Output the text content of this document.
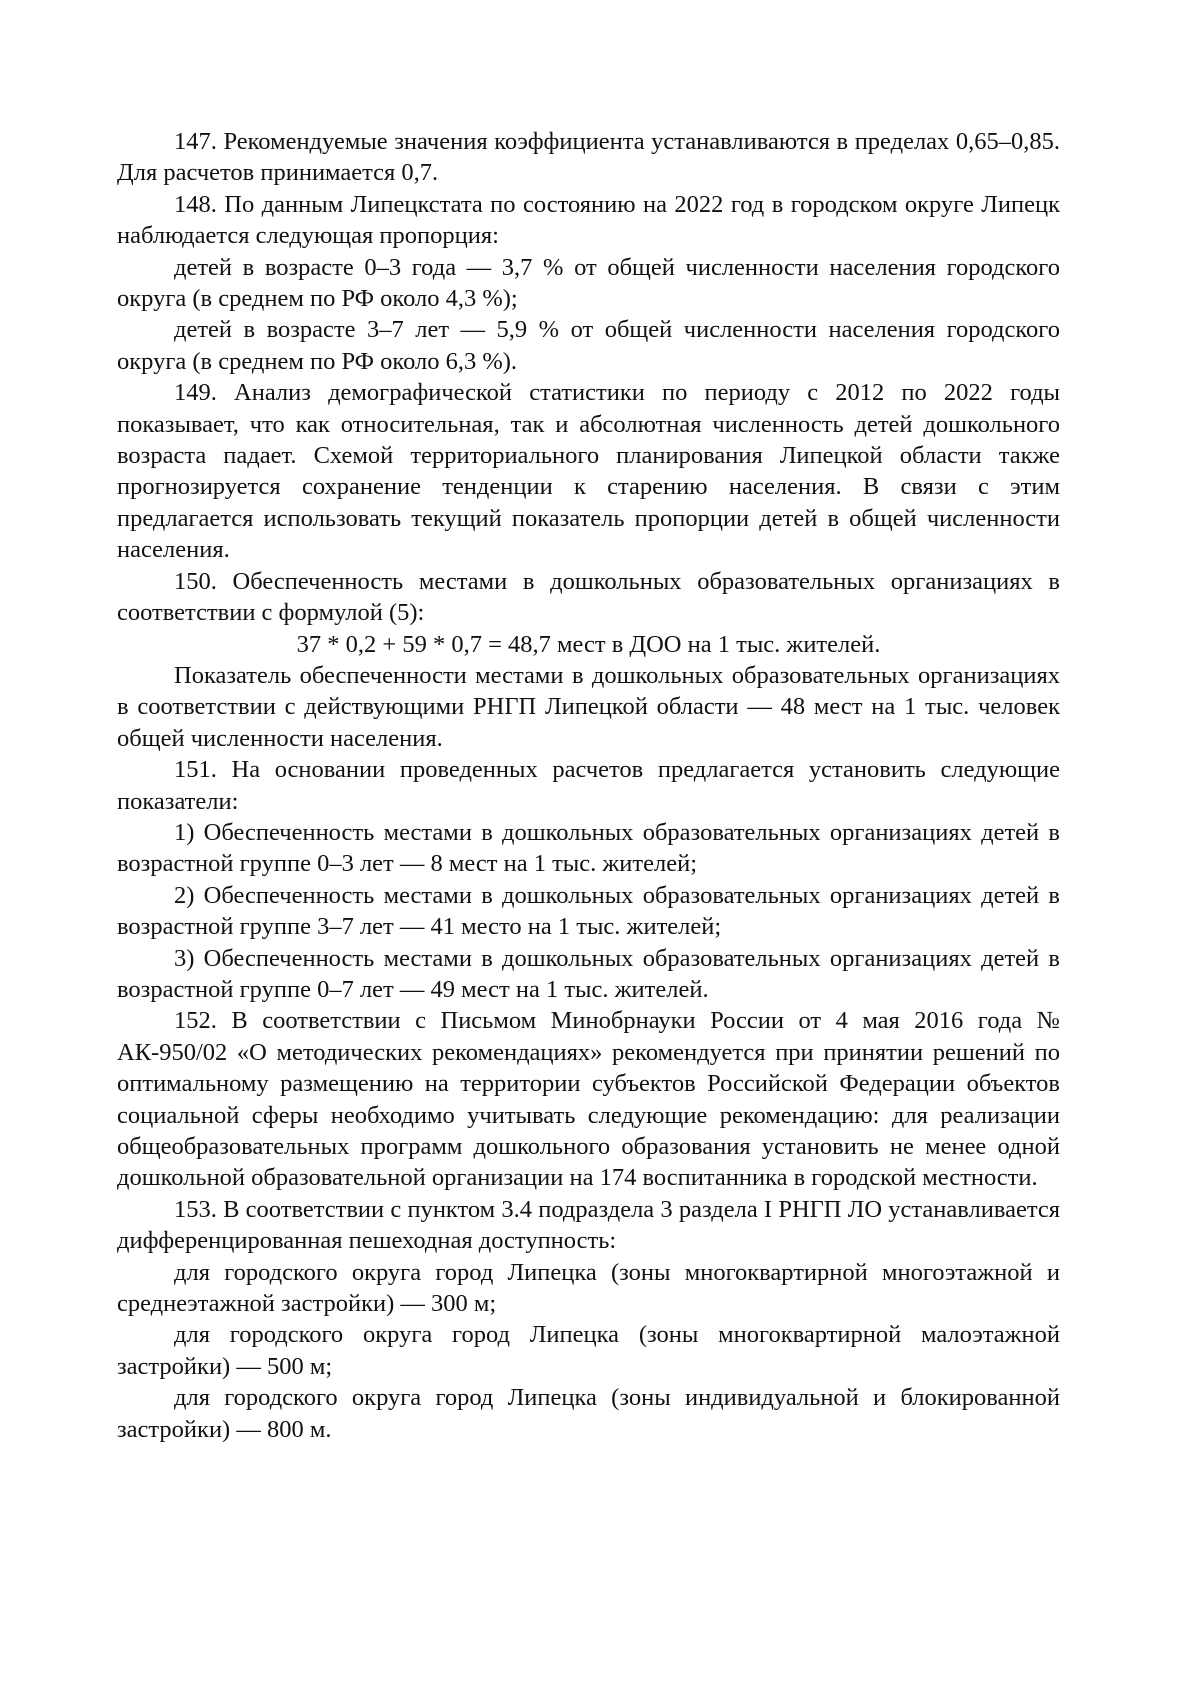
147. Рекомендуемые значения коэффициента устанавливаются в пределах 0,65–0,85. Для расчетов принимается 0,7.

148. По данным Липецкстата по состоянию на 2022 год в городском округе Липецк наблюдается следующая пропорция:

детей в возрасте 0–3 года — 3,7 % от общей численности населения городского округа (в среднем по РФ около 4,3 %);

детей в возрасте 3–7 лет — 5,9 % от общей численности населения городского округа (в среднем по РФ около 6,3 %).

149. Анализ демографической статистики по периоду с 2012 по 2022 годы показывает, что как относительная, так и абсолютная численность детей дошкольного возраста падает. Схемой территориального планирования Липецкой области также прогнозируется сохранение тенденции к старению населения. В связи с этим предлагается использовать текущий показатель пропорции детей в общей численности населения.

150. Обеспеченность местами в дошкольных образовательных организациях в соответствии с формулой (5):

37 * 0,2 + 59 * 0,7 = 48,7 мест в ДОО на 1 тыс. жителей.

Показатель обеспеченности местами в дошкольных образовательных организациях в соответствии с действующими РНГП Липецкой области — 48 мест на 1 тыс. человек общей численности населения.

151. На основании проведенных расчетов предлагается установить следующие показатели:

1) Обеспеченность местами в дошкольных образовательных организациях детей в возрастной группе 0–3 лет — 8 мест на 1 тыс. жителей;

2) Обеспеченность местами в дошкольных образовательных организациях детей в возрастной группе 3–7 лет — 41 место на 1 тыс. жителей;

3) Обеспеченность местами в дошкольных образовательных организациях детей в возрастной группе 0–7 лет — 49 мест на 1 тыс. жителей.

152. В соответствии с Письмом Минобрнауки России от 4 мая 2016 года № АК-950/02 «О методических рекомендациях» рекомендуется при принятии решений по оптимальному размещению на территории субъектов Российской Федерации объектов социальной сферы необходимо учитывать следующие рекомендацию: для реализации общеобразовательных программ дошкольного образования установить не менее одной дошкольной образовательной организации на 174 воспитанника в городской местности.

153. В соответствии с пунктом 3.4 подраздела 3 раздела I РНГП ЛО устанавливается дифференцированная пешеходная доступность:

для городского округа город Липецка (зоны многоквартирной многоэтажной и среднеэтажной застройки) — 300 м;

для городского округа город Липецка (зоны многоквартирной малоэтажной застройки) — 500 м;

для городского округа город Липецка (зоны индивидуальной и блокированной застройки) — 800 м.
